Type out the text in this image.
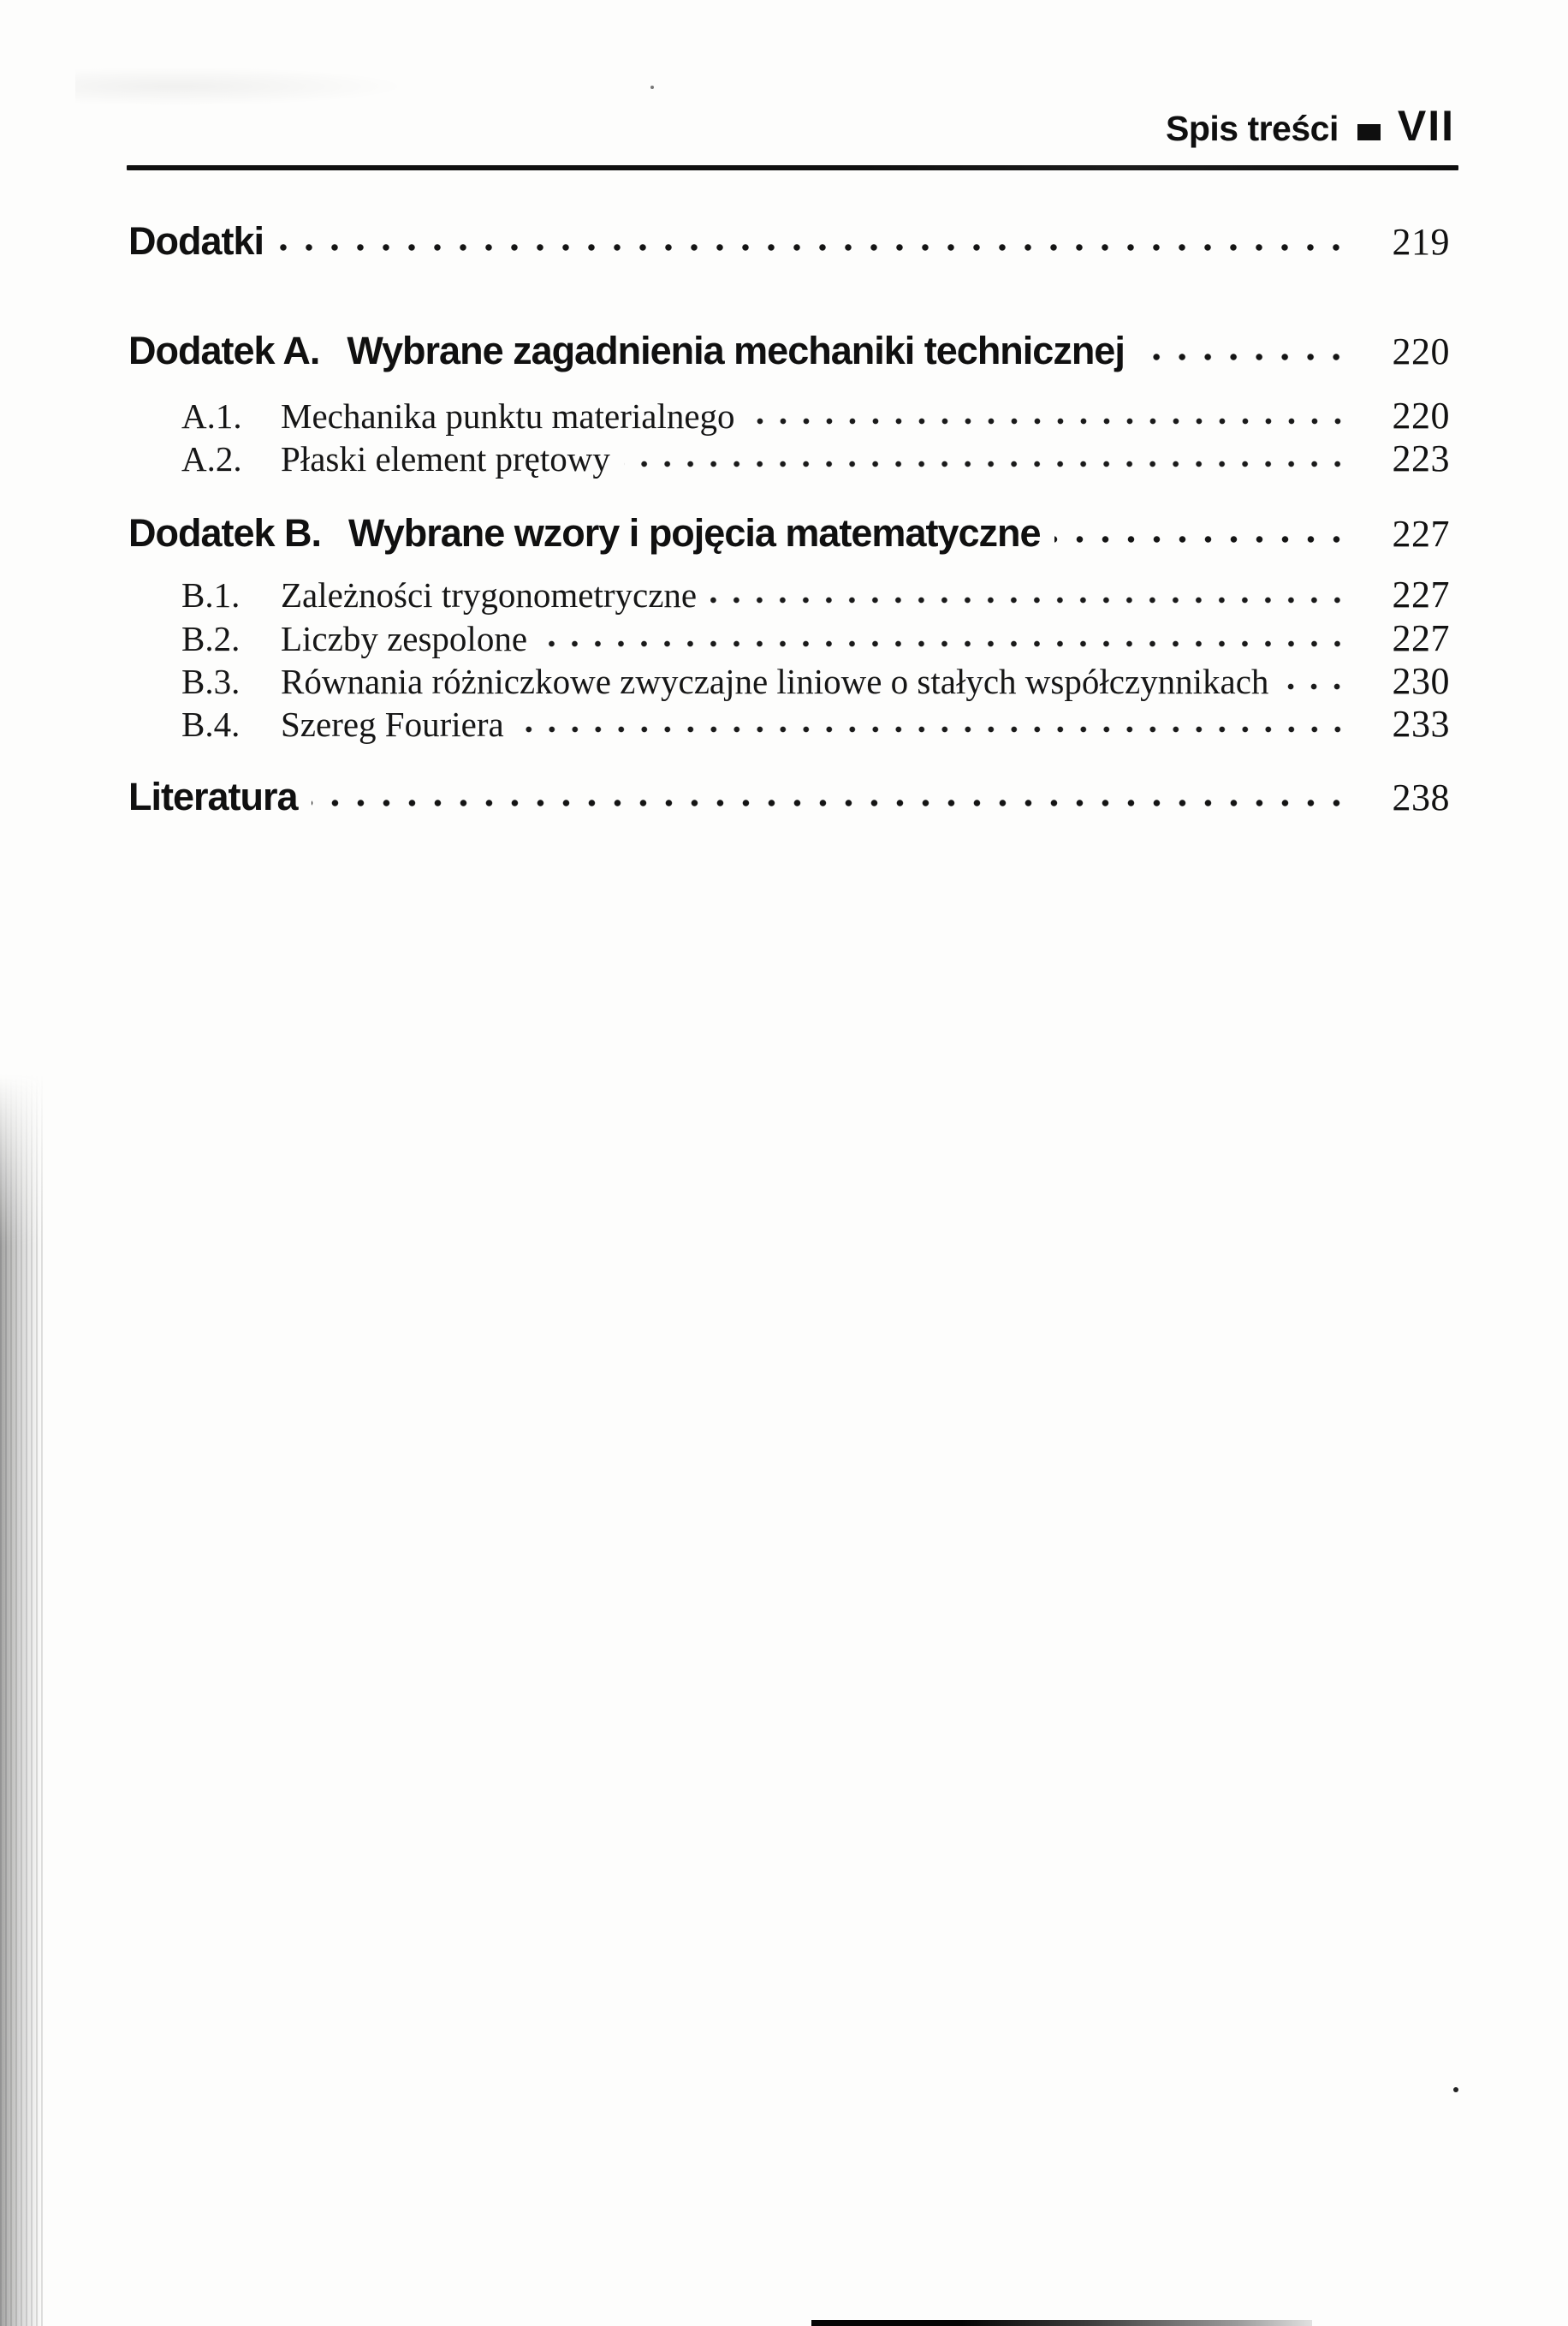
Spis treści VII
Dodatki	219
Dodatek A. Wybrane zagadnienia mechaniki technicznej	220
A.1.	Mechanika punktu materialnego	220
A.2.	Płaski element prętowy	223
Dodatek B. Wybrane wzory i pojęcia matematyczne	227
B.1.	Zależności trygonometryczne	227
B.2.	Liczby zespolone	227
B.3.	Równania różniczkowe zwyczajne liniowe o stałych współczynnikach	230
B.4.	Szereg Fouriera	233
Literatura	238
